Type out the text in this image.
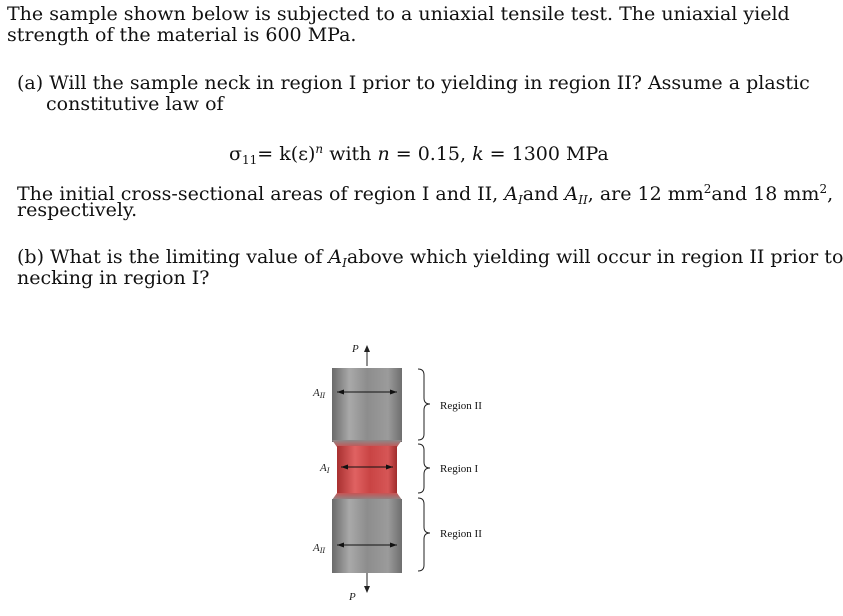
The sample shown below is subjected to a uniaxial tensile test. The uniaxial yield
strength of the material is 600 MPa.
(a) Will the sample neck in region I prior to yielding in region II? Assume a plastic
constitutive law of
$\sigma_{11}= k(\varepsilon)^n$ with n = 0.15, k = 1300 MPa
The initial cross-sectional areas of region I and II, $A_Iand$ $A_{II}$, are 12 $mm^2and$ 18 $mm^2$,
respectively.
(b) What is the limiting value of $A_Iabove$ which yielding will occur in region II prior to
necking in region I?
P
P
AII
AI
AII
Region II
Region I
Region II
